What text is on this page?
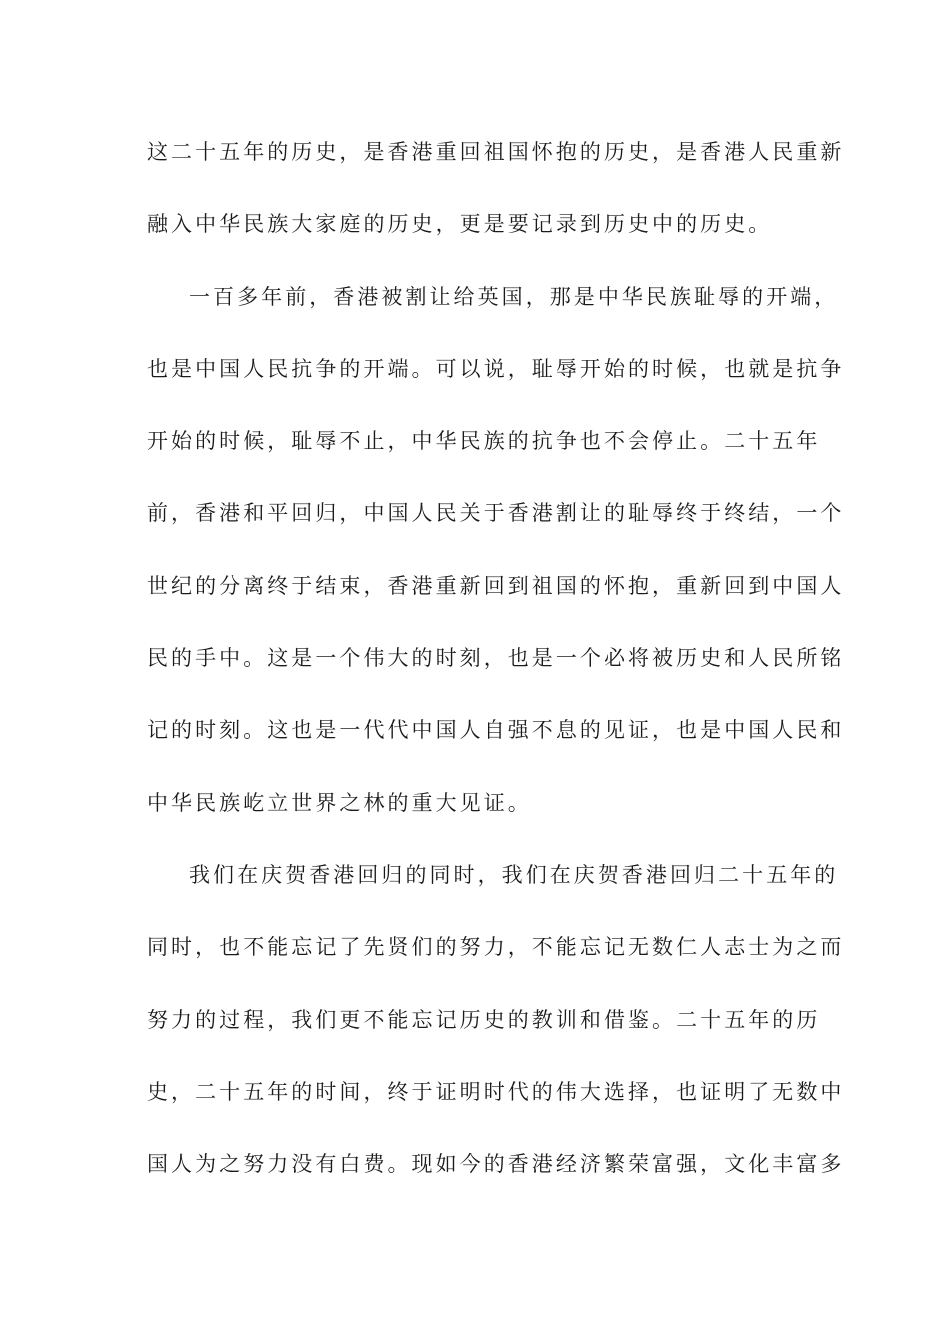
这二十五年的历史，是香港重回祖国怀抱的历史，是香港人民重新
融入中华民族大家庭的历史，更是要记录到历史中的历史。
一百多年前，香港被割让给英国，那是中华民族耻辱的开端，
也是中国人民抗争的开端。可以说，耻辱开始的时候，也就是抗争
开始的时候，耻辱不止，中华民族的抗争也不会停止。二十五年
前，香港和平回归，中国人民关于香港割让的耻辱终于终结，一个
世纪的分离终于结束，香港重新回到祖国的怀抱，重新回到中国人
民的手中。这是一个伟大的时刻，也是一个必将被历史和人民所铭
记的时刻。这也是一代代中国人自强不息的见证，也是中国人民和
中华民族屹立世界之林的重大见证。
我们在庆贺香港回归的同时，我们在庆贺香港回归二十五年的
同时，也不能忘记了先贤们的努力，不能忘记无数仁人志士为之而
努力的过程，我们更不能忘记历史的教训和借鉴。二十五年的历
史，二十五年的时间，终于证明时代的伟大选择，也证明了无数中
国人为之努力没有白费。现如今的香港经济繁荣富强，文化丰富多
